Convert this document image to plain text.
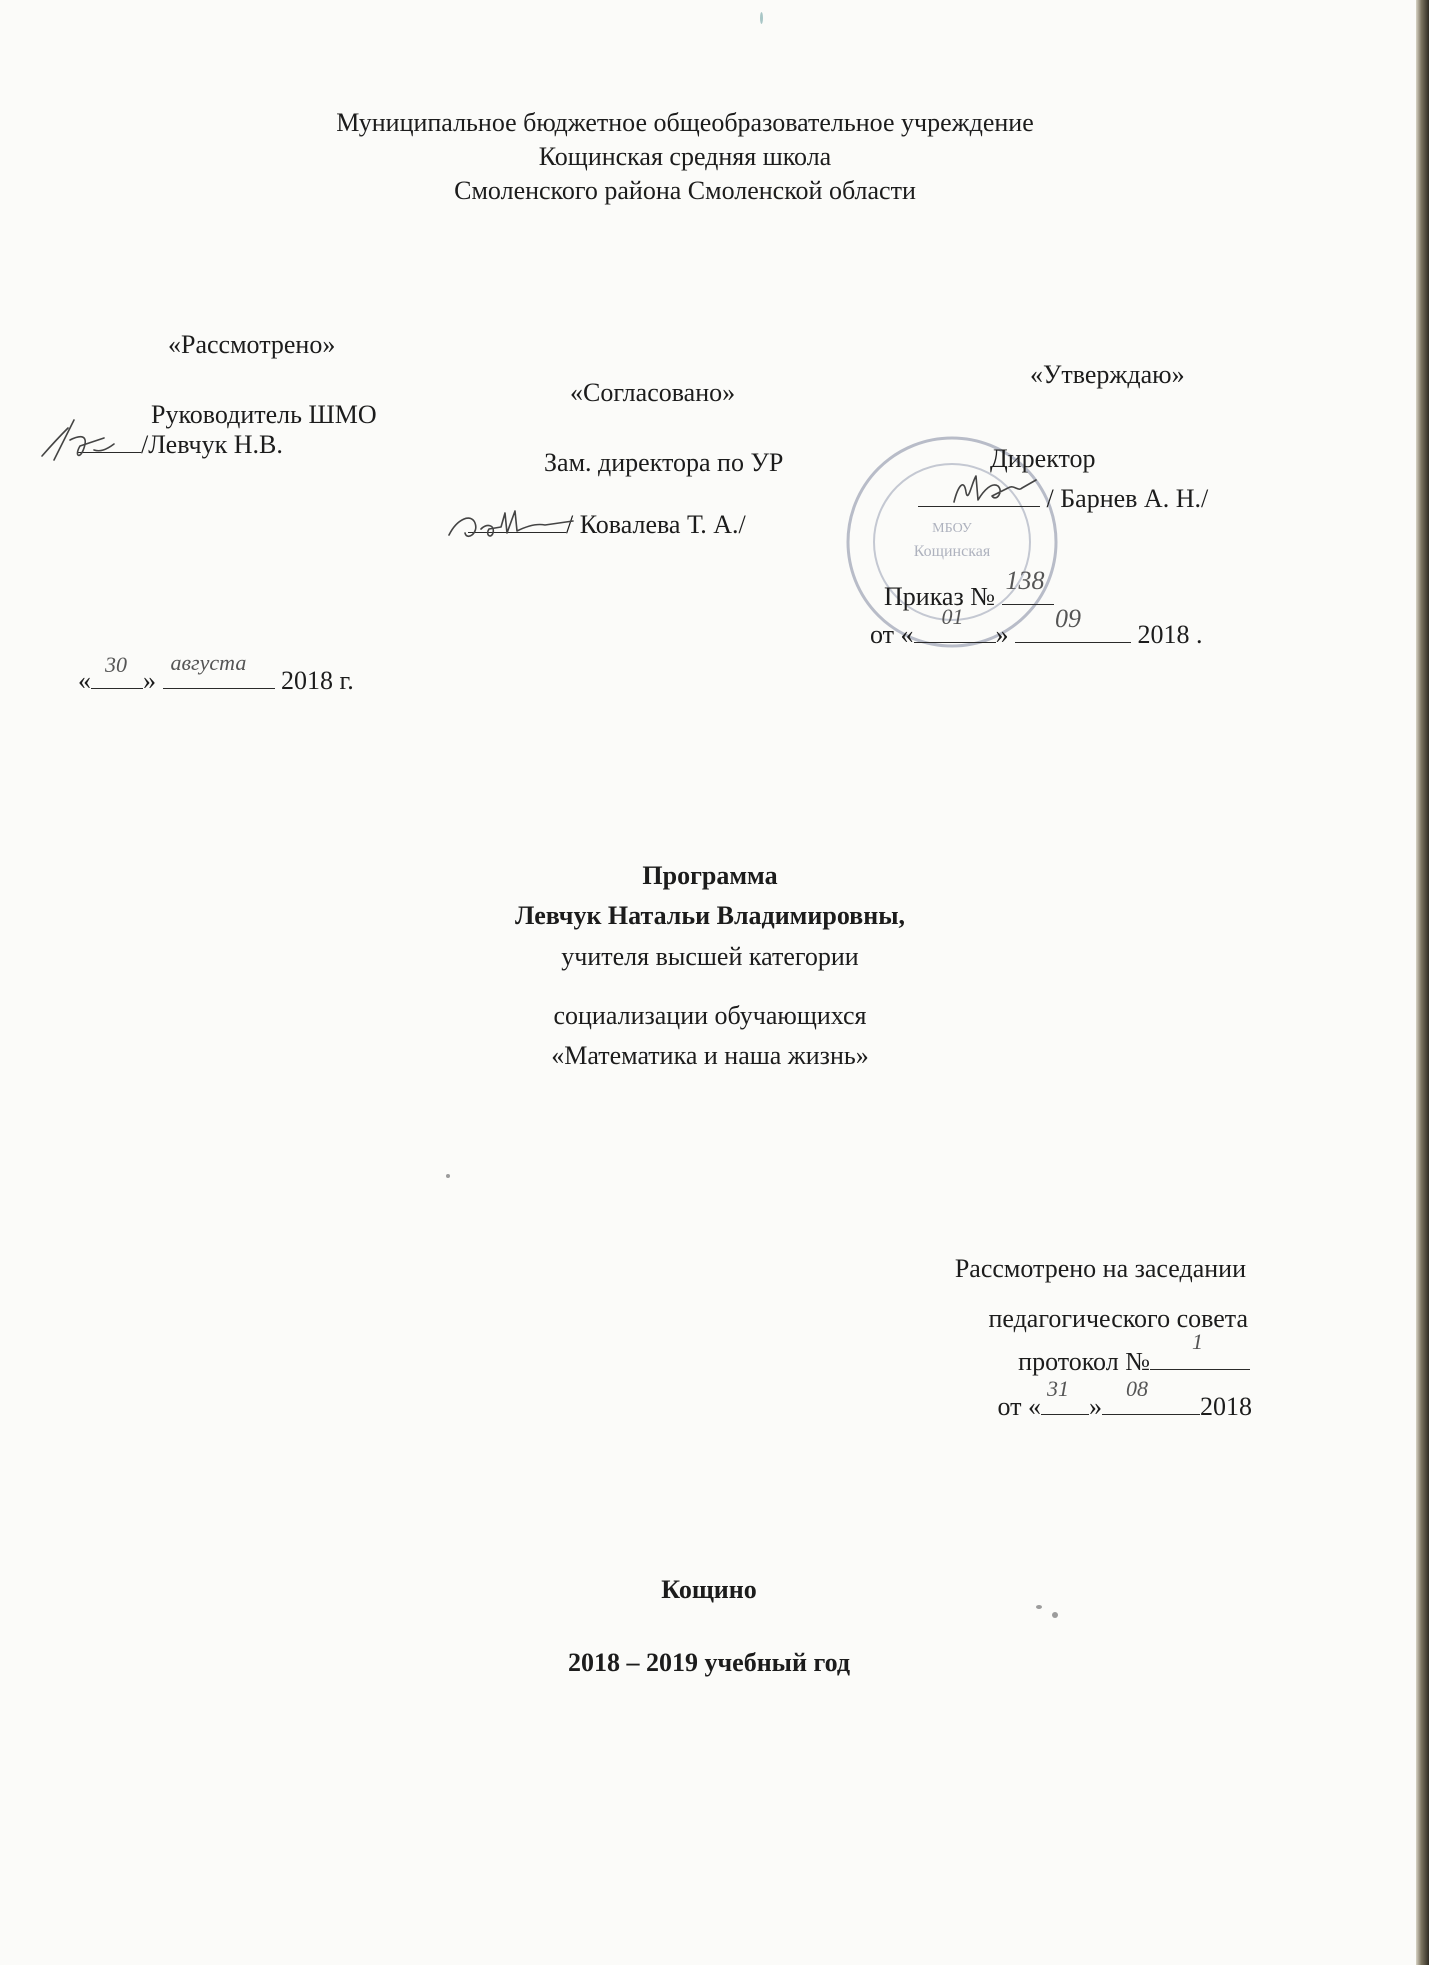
Муниципальное бюджетное общеобразовательное учреждение
Кощинская средняя школа
Смоленского района Смоленской области
«Рассмотрено»
Руководитель ШМО
/Левчук Н.В.
«
30
»
августа
2018 г.
«Согласовано»
Зам. директора по УР
/ Ковалева Т. А./
«Утверждаю»
МБОУ
Кощинская
Директор
/ Барнев А. Н./
Приказ №
138
от «
01
»
09
2018 .
Программа
Левчук Натальи Владимировны,
учителя высшей категории
социализации обучающихся
«Математика и наша жизнь»
Рассмотрено на заседании
педагогического совета
протокол №
1
от «
31
»
08
2018
Кощино
2018 – 2019 учебный год
